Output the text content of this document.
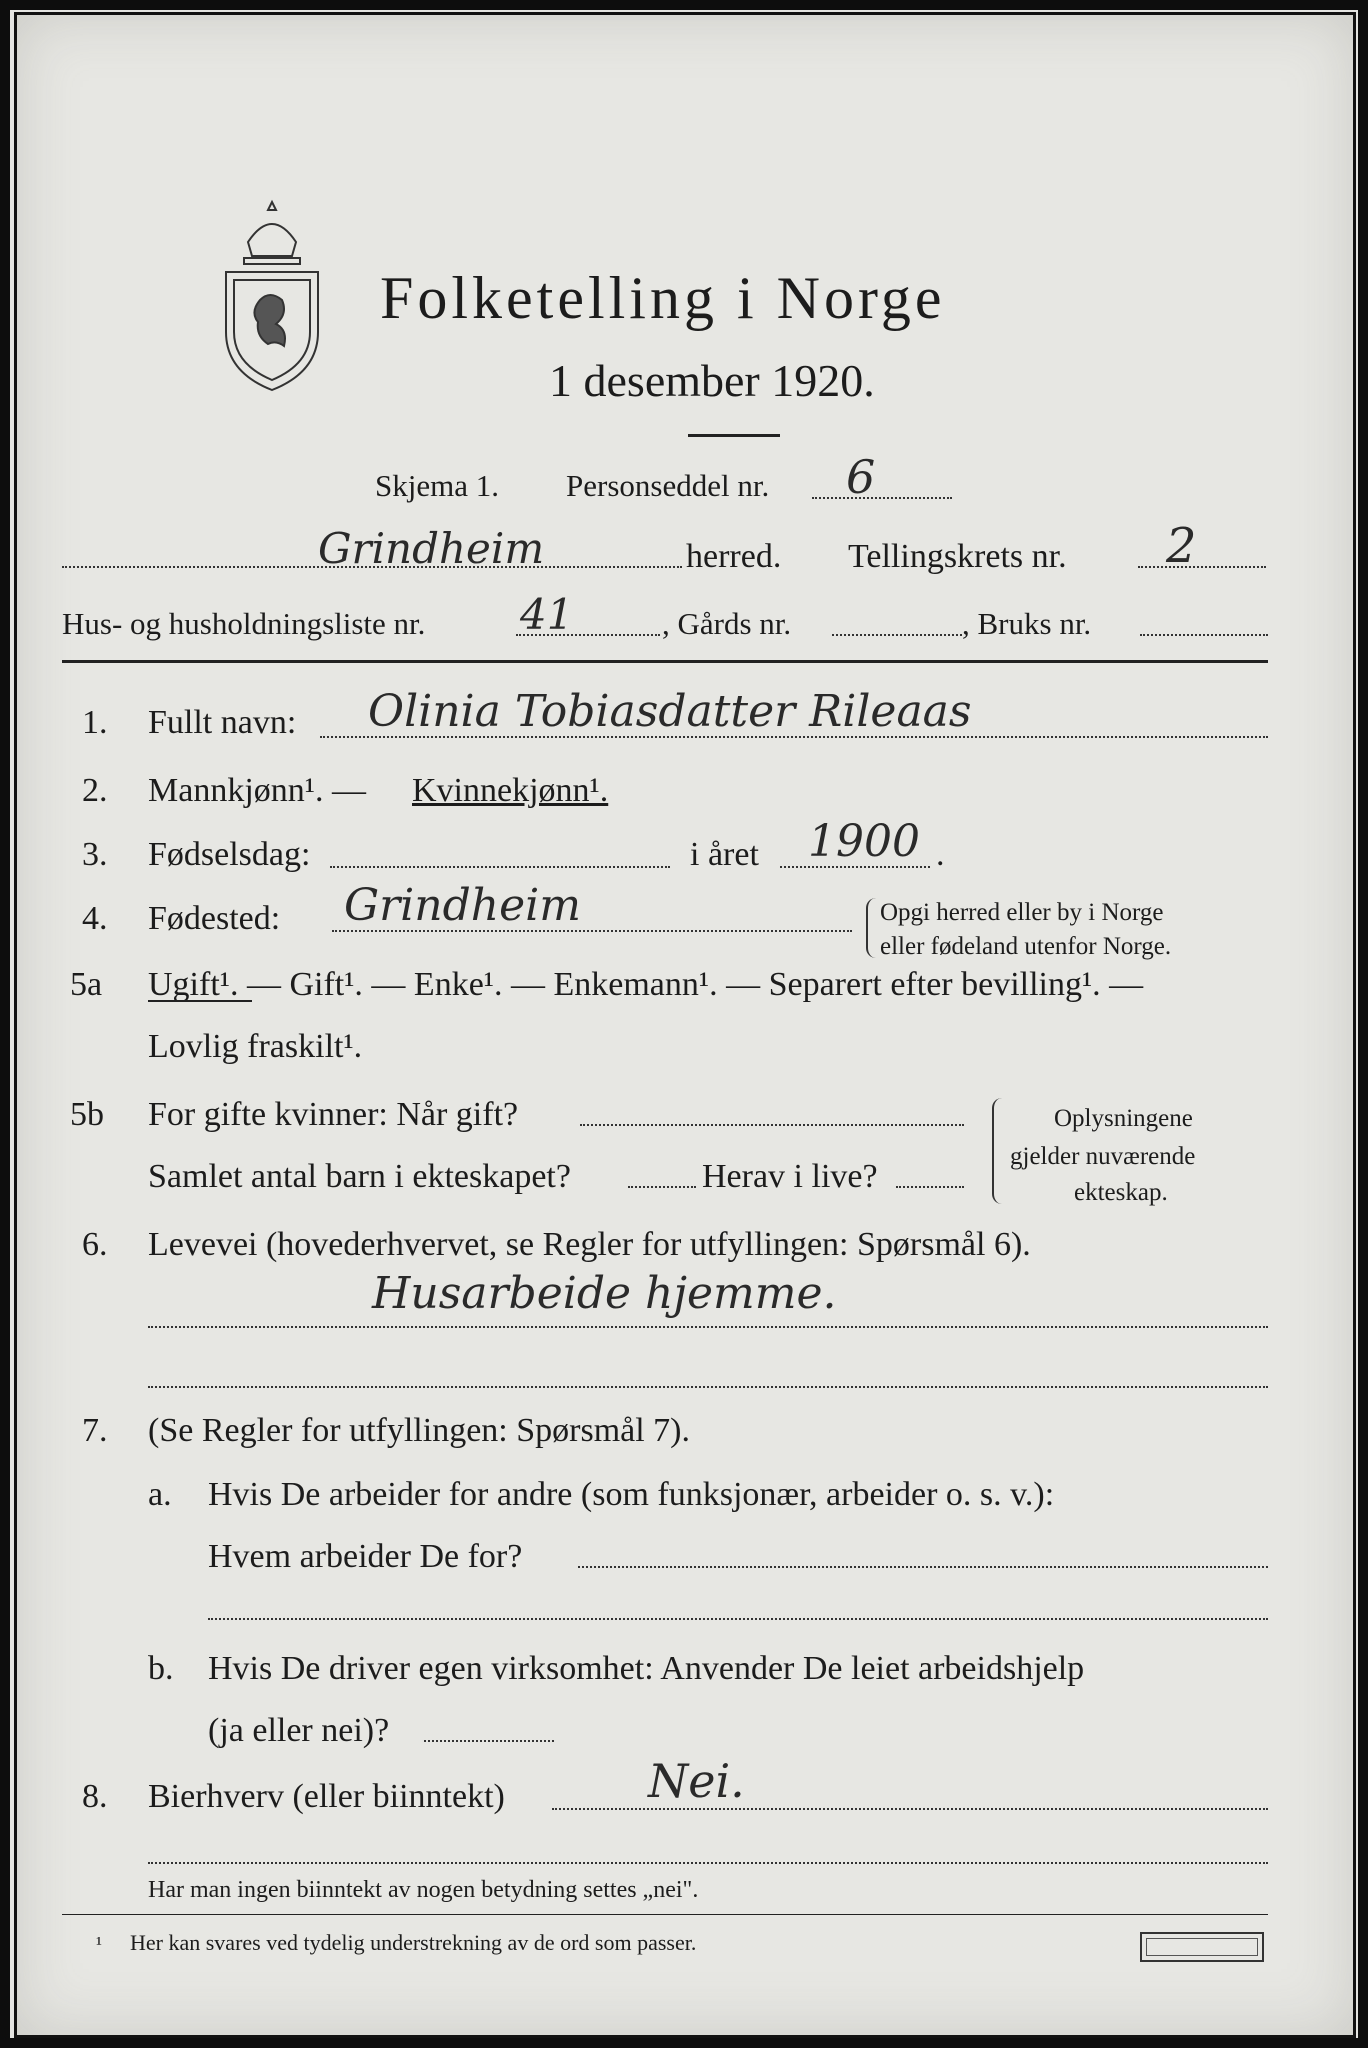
Folketelling i Norge
1 desember 1920.
Skjema 1. Personseddel nr. 6
Grindheim	herred. Tellingskrets nr. 2
Hus- og husholdningsliste nr. 41	, Gårds nr.	, Bruks nr.
1. Fullt navn: Olinia Tobiasdatter Rileaas
2. Mannkjønn¹. — Kvinnekjønn¹.
3. Fødselsdag:	i året 1900 .
4. Fødested: Grindheim	Opgi herred eller by i Norge
eller fødeland utenfor Norge.
5a Ugift¹. — Gift¹. — Enke¹. — Enkemann¹. — Separert efter bevilling¹. —
Lovlig fraskilt¹.
5b For gifte kvinner: Når gift?
Samlet antal barn i ekteskapet?	Herav i live?
Oplysningene
gjelder nuværende
ekteskap.
6. Levevei (hovederhvervet, se Regler for utfyllingen: Spørsmål 6).
Husarbeide hjemme.
7. (Se Regler for utfyllingen: Spørsmål 7).
a. Hvis De arbeider for andre (som funksjonær, arbeider o. s. v.):
Hvem arbeider De for?
b. Hvis De driver egen virksomhet: Anvender De leiet arbeidshjelp
(ja eller nei)?
8. Bierhverv (eller biinntekt)	Nei.
Har man ingen biinntekt av nogen betydning settes „nei".
¹ Her kan svares ved tydelig understrekning av de ord som passer.
